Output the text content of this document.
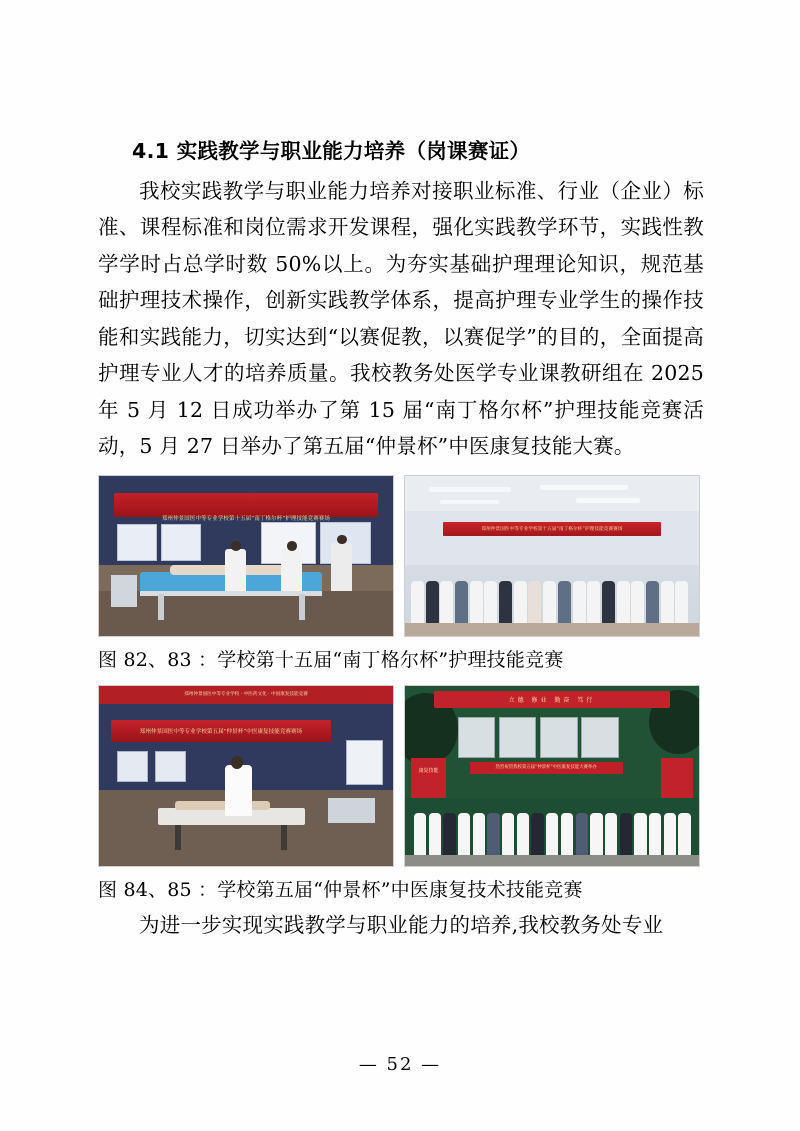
4.1 实践教学与职业能力培养（岗课赛证）

我校实践教学与职业能力培养对接职业标准、行业（企业）标准、课程标准和岗位需求开发课程，强化实践教学环节，实践性教学学时占总学时数 50%以上。为夯实基础护理理论知识，规范基础护理技术操作，创新实践教学体系，提高护理专业学生的操作技能和实践能力，切实达到“以赛促教，以赛促学”的目的，全面提高护理专业人才的培养质量。我校教务处医学专业课教研组在 2025 年 5 月 12 日成功举办了第 15 届“南丁格尔杯”护理技能竞赛活动，5 月 27 日举办了第五届“仲景杯”中医康复技能大赛。

郑州仲景国医中等专业学校第十五届“南丁格尔杯”护理技能竞赛赛场
郑州仲景国医中等专业学校第十五届“南丁格尔杯”护理技能竞赛赛场

图 82、83 ：学校第十五届“南丁格尔杯”护理技能竞赛

郑州仲景国医中等专业学校 · 中医药文化 · 中国康复技能竞赛
郑州仲景国医中等专业学校第五届“仲景杯”中医康复技能竞赛赛场
立德 修业 勤奋 笃行
热烈祝贺我校第五届“仲景杯”中医康复技能大赛举办
康复技能

图 84、85 ：学校第五届“仲景杯”中医康复技术技能竞赛

为进一步实现实践教学与职业能力的培养,我校教务处专业

— 52 —
